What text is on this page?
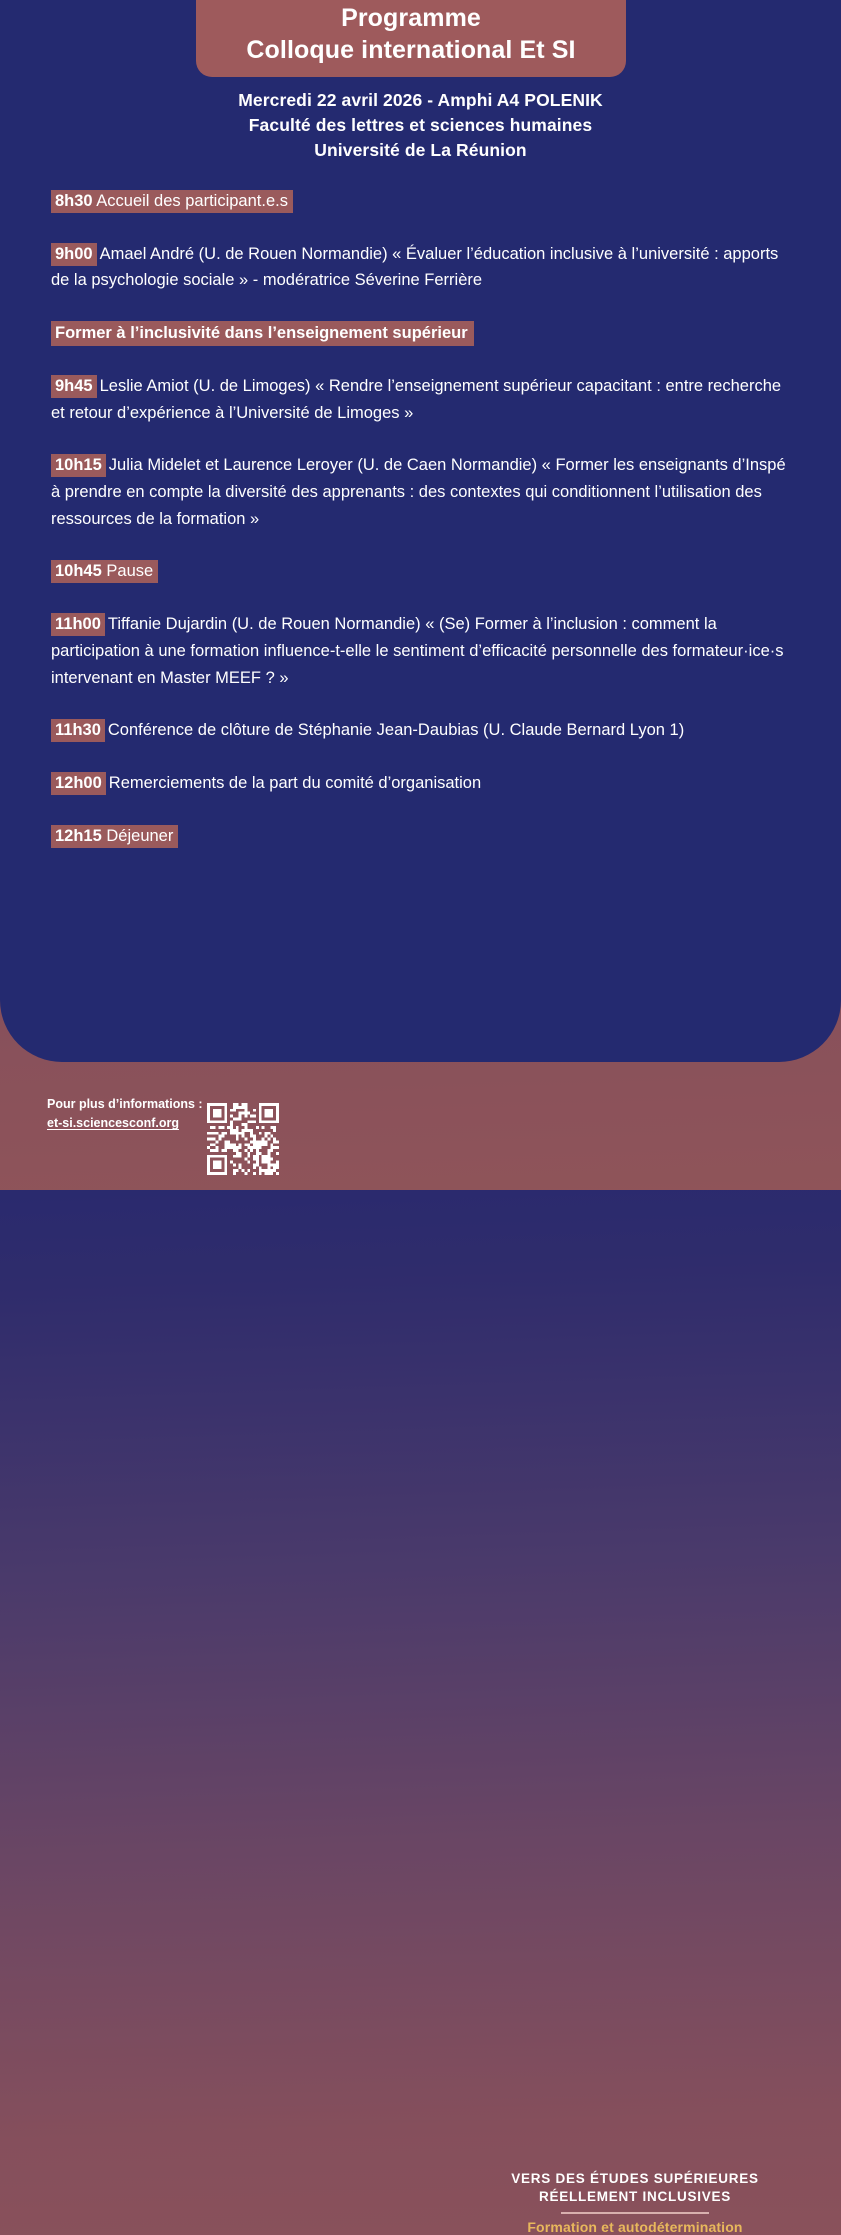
Programme
Colloque international Et SI
Mercredi 22 avril 2026 - Amphi A4 POLENIK
Faculté des lettres et sciences humaines
Université de La Réunion
8h30 Accueil des participant.e.s
9h00 Amael André (U. de Rouen Normandie) « Évaluer l’éducation inclusive à l’université : apports de la psychologie sociale » - modératrice Séverine Ferrière
Former à l’inclusivité dans l’enseignement supérieur
9h45 Leslie Amiot (U. de Limoges) « Rendre l’enseignement supérieur capacitant : entre recherche et retour d’expérience à l’Université de Limoges »
10h15 Julia Midelet et Laurence Leroyer (U. de Caen Normandie) « Former les enseignants d’Inspé à prendre en compte la diversité des apprenants : des contextes qui conditionnent l’utilisation des ressources de la formation »
10h45 Pause
11h00 Tiffanie Dujardin (U. de Rouen Normandie) « (Se) Former à l’inclusion : comment la participation à une formation influence-t-elle le sentiment d’efficacité personnelle des formateur·ice·s intervenant en Master MEEF ? »
11h30 Conférence de clôture de Stéphanie Jean-Daubias (U. Claude Bernard Lyon 1)
12h00 Remerciements de la part du comité d’organisation
12h15 Déjeuner
Pour plus d’informations :
et-si.sciencesconf.org
VERS DES ÉTUDES SUPÉRIEURES
RÉELLEMENT INCLUSIVES
Formation et autodétermination
